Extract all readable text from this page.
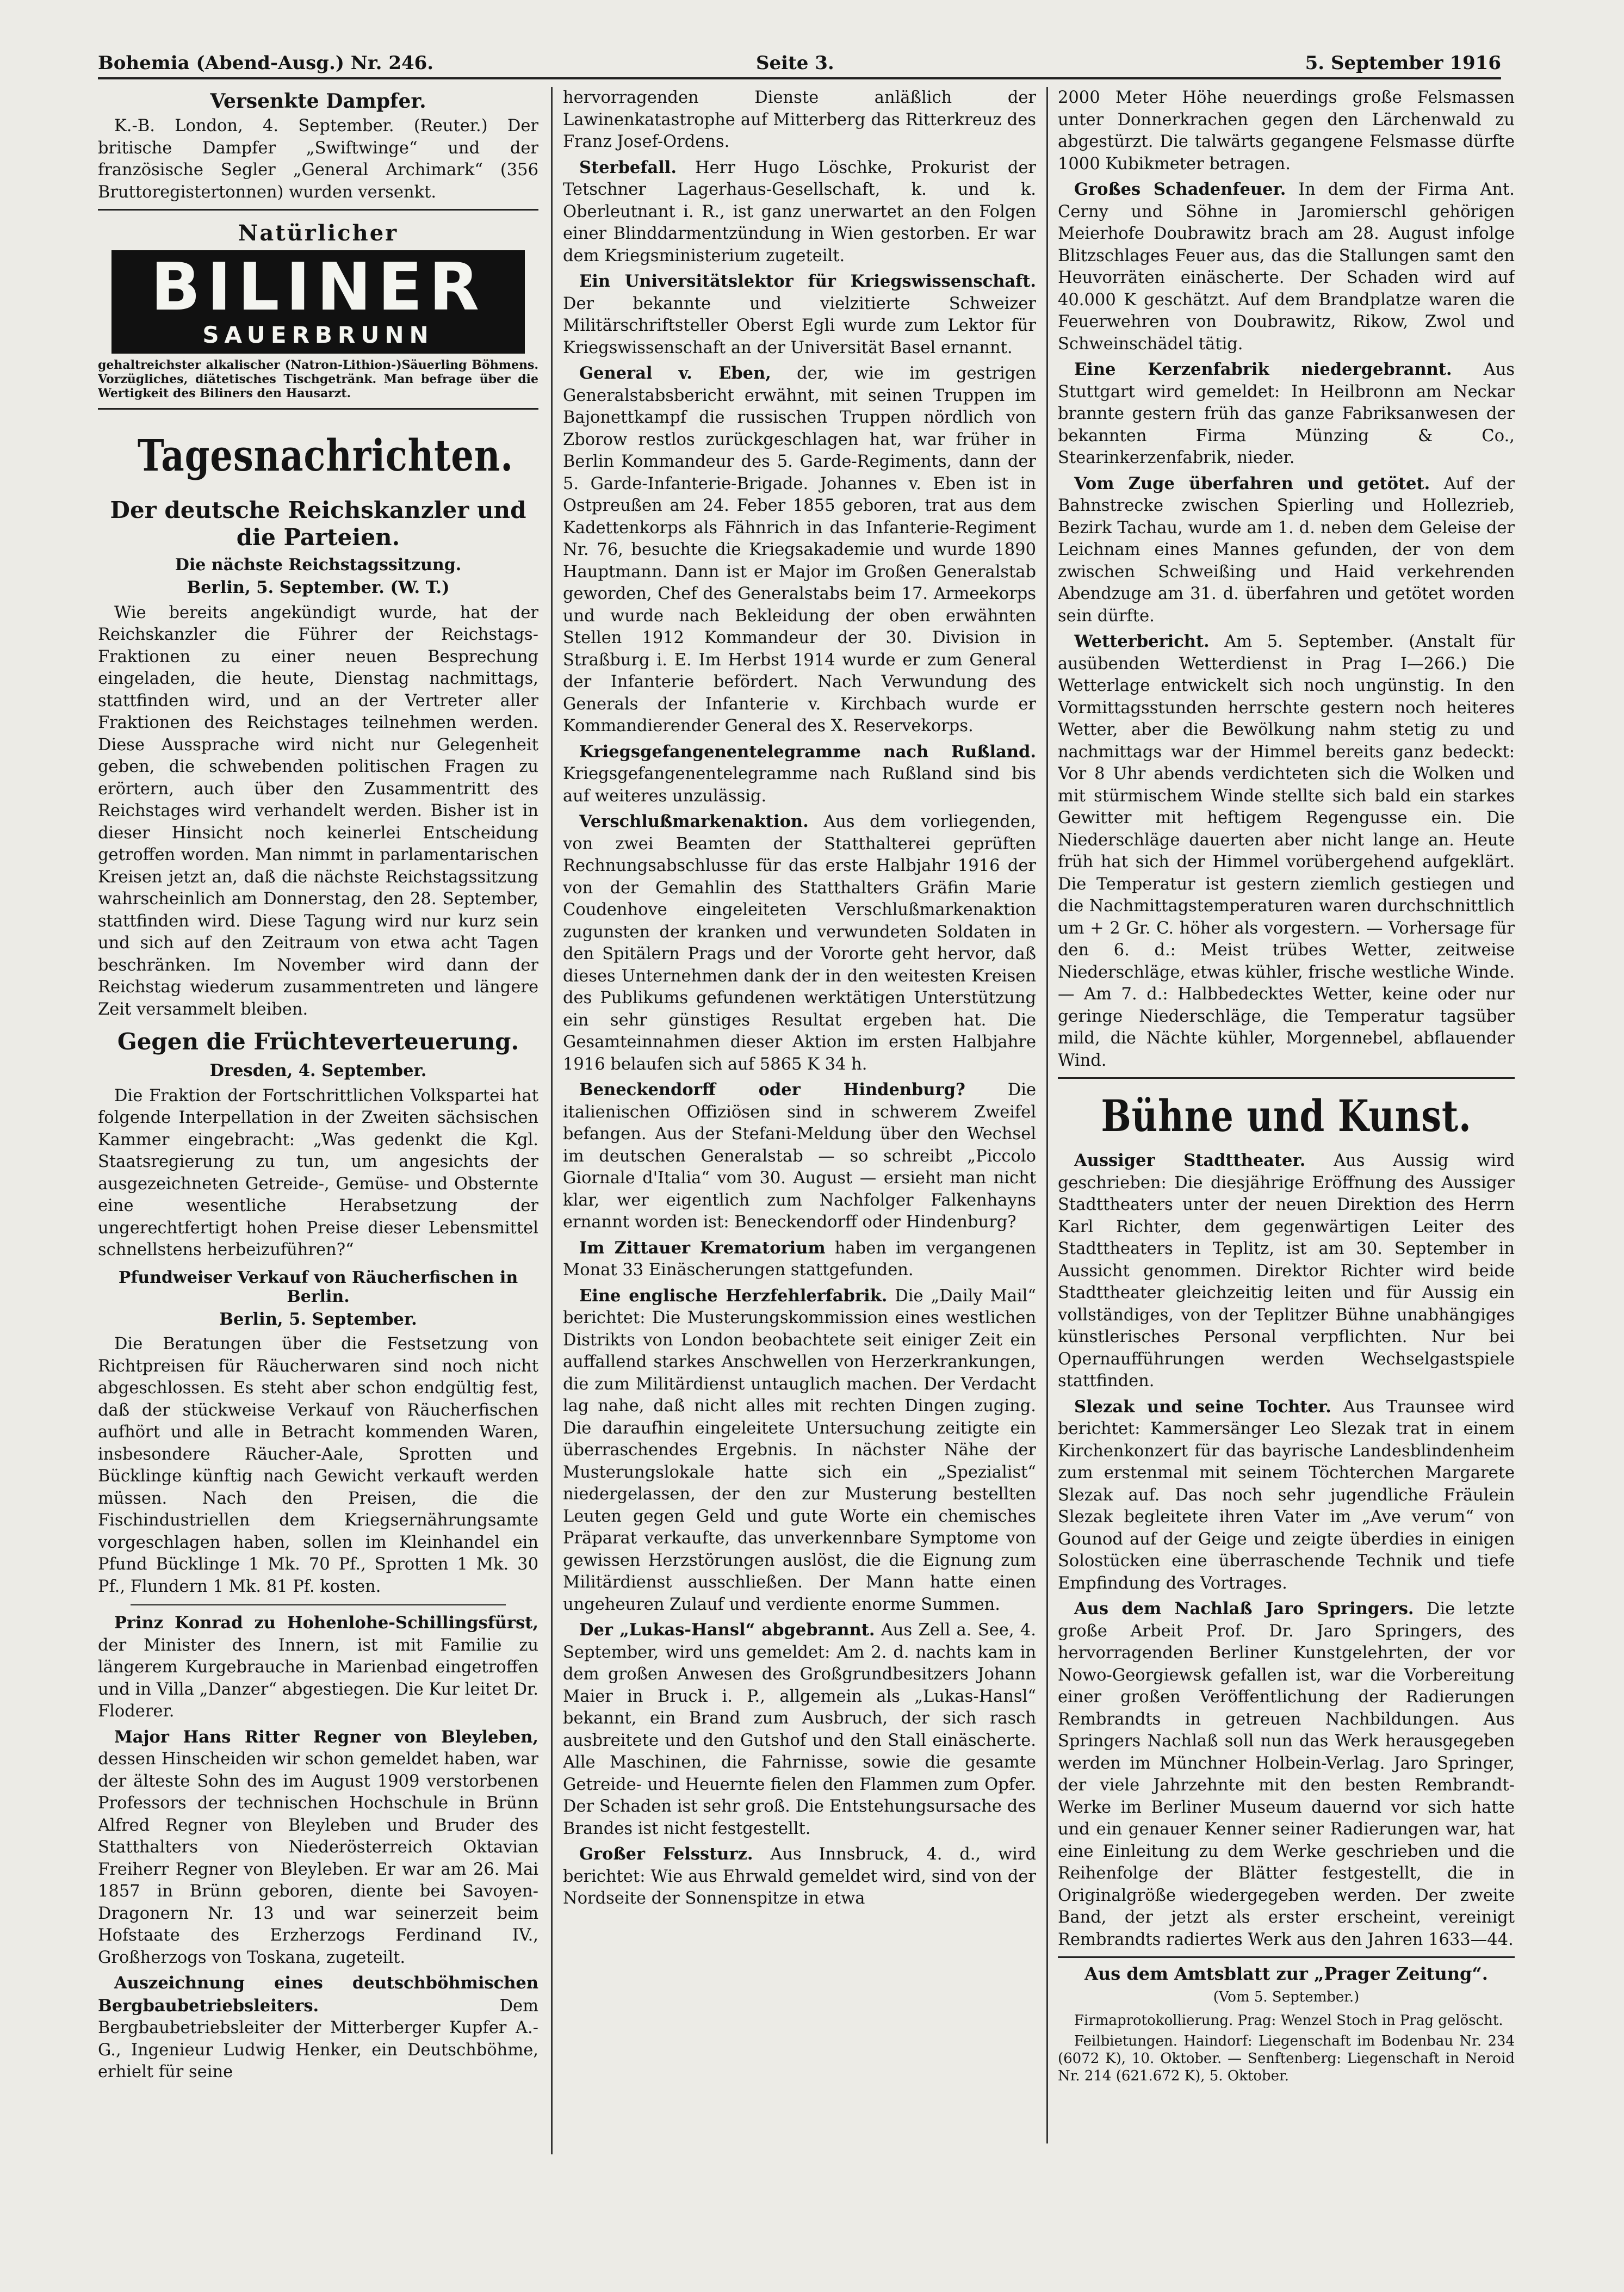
Bohemia (Abend-Ausg.) Nr. 246.	Seite 3.	5. September 1916
Versenkte Dampfer.

K.-B. London, 4. September. (Reuter.) Der britische Dampfer „Swiftwinge“ und der französische Segler „General Archimark“ (356 Bruttoregistertonnen) wurden versenkt.

Natürlicher
BILINER
SAUERBRUNN
gehaltreichster alkalischer (Natron-Lithion-)Säuerling Böhmens. Vorzügliches, diätetisches Tischgetränk. Man befrage über die Wertigkeit des Biliners den Hausarzt.
Tagesnachrichten.
Der deutsche Reichskanzler und die Parteien.
Die nächste Reichstagssitzung.

Berlin, 5. September. (W. T.)

Wie bereits angekündigt wurde, hat der Reichskanzler die Führer der Reichstags-Fraktionen zu einer neuen Besprechung eingeladen, die heute, Dienstag nachmittags, stattfinden wird, und an der Vertreter aller Fraktionen des Reichstages teilnehmen werden. Diese Aussprache wird nicht nur Gelegenheit geben, die schwebenden politischen Fragen zu erörtern, auch über den Zusammentritt des Reichstages wird verhandelt werden. Bisher ist in dieser Hinsicht noch keinerlei Entscheidung getroffen worden. Man nimmt in parlamentarischen Kreisen jetzt an, daß die nächste Reichstagssitzung wahrscheinlich am Donnerstag, den 28. September, stattfinden wird. Diese Tagung wird nur kurz sein und sich auf den Zeitraum von etwa acht Tagen beschränken. Im November wird dann der Reichstag wiederum zusammentreten und längere Zeit versammelt bleiben.

Gegen die Früchteverteuerung.

Dresden, 4. September.

Die Fraktion der Fortschrittlichen Volkspartei hat folgende Interpellation in der Zweiten sächsischen Kammer eingebracht: „Was gedenkt die Kgl. Staatsregierung zu tun, um angesichts der ausgezeichneten Getreide-, Gemüse- und Obsternte eine wesentliche Herabsetzung der ungerechtfertigt hohen Preise dieser Lebensmittel schnellstens herbeizuführen?“

Pfundweiser Verkauf von Räucherfischen in Berlin.

Berlin, 5. September.

Die Beratungen über die Festsetzung von Richtpreisen für Räucherwaren sind noch nicht abgeschlossen. Es steht aber schon endgültig fest, daß der stückweise Verkauf von Räucherfischen aufhört und alle in Betracht kommenden Waren, insbesondere Räucher-Aale, Sprotten und Bücklinge künftig nach Gewicht verkauft werden müssen. Nach den Preisen, die die Fischindustriellen dem Kriegsernährungsamte vorgeschlagen haben, sollen im Kleinhandel ein Pfund Bücklinge 1 Mk. 70 Pf., Sprotten 1 Mk. 30 Pf., Flundern 1 Mk. 81 Pf. kosten.

Prinz Konrad zu Hohenlohe-Schillingsfürst, der Minister des Innern, ist mit Familie zu längerem Kurgebrauche in Marienbad eingetroffen und in Villa „Danzer“ abgestiegen. Die Kur leitet Dr. Floderer.

Major Hans Ritter Regner von Bleyleben, dessen Hinscheiden wir schon gemeldet haben, war der älteste Sohn des im August 1909 verstorbenen Professors der technischen Hochschule in Brünn Alfred Regner von Bleyleben und Bruder des Statthalters von Niederösterreich Oktavian Freiherr Regner von Bleyleben. Er war am 26. Mai 1857 in Brünn geboren, diente bei Savoyen-Dragonern Nr. 13 und war seinerzeit beim Hofstaate des Erzherzogs Ferdinand IV., Großherzogs von Toskana, zugeteilt.

Auszeichnung eines deutschböhmischen Bergbaubetriebsleiters.	Dem Bergbaubetriebsleiter der Mitterberger Kupfer A.-G., Ingenieur Ludwig Henker, ein Deutschböhme, erhielt für seine

hervorragenden Dienste anläßlich der Lawinenkatastrophe auf Mitterberg das Ritterkreuz des Franz Josef-Ordens.

Sterbefall. Herr Hugo Löschke, Prokurist der Tetschner Lagerhaus-Gesellschaft, k. und k. Oberleutnant i. R., ist ganz unerwartet an den Folgen einer Blinddarmentzündung in Wien gestorben. Er war dem Kriegsministerium zugeteilt.

Ein Universitätslektor für Kriegswissenschaft. Der bekannte und vielzitierte Schweizer Militärschriftsteller Oberst Egli wurde zum Lektor für Kriegswissenschaft an der Universität Basel ernannt.

General v. Eben, der, wie im gestrigen Generalstabsbericht erwähnt, mit seinen Truppen im Bajonettkampf die russischen Truppen nördlich von Zborow restlos zurückgeschlagen hat, war früher in Berlin Kommandeur des 5. Garde-Regiments, dann der 5. Garde-Infanterie-Brigade. Johannes v. Eben ist in Ostpreußen am 24. Feber 1855 geboren, trat aus dem Kadettenkorps als Fähnrich in das Infanterie-Regiment Nr. 76, besuchte die Kriegsakademie und wurde 1890 Hauptmann. Dann ist er Major im Großen Generalstab geworden, Chef des Generalstabs beim 17. Armeekorps und wurde nach Bekleidung der oben erwähnten Stellen 1912 Kommandeur der 30. Division in Straßburg i. E. Im Herbst 1914 wurde er zum General der Infanterie befördert. Nach Verwundung des Generals der Infanterie v. Kirchbach wurde er Kommandierender General des X. Reservekorps.

Kriegsgefangenentelegramme nach Rußland. Kriegsgefangenentelegramme nach Rußland sind bis auf weiteres unzulässig.

Verschlußmarkenaktion. Aus dem vorliegenden, von zwei Beamten der Statthalterei geprüften Rechnungsabschlusse für das erste Halbjahr 1916 der von der Gemahlin des Statthalters Gräfin Marie Coudenhove eingeleiteten Verschlußmarkenaktion zugunsten der kranken und verwundeten Soldaten in den Spitälern Prags und der Vororte geht hervor, daß dieses Unternehmen dank der in den weitesten Kreisen des Publikums gefundenen werktätigen Unterstützung ein sehr günstiges Resultat ergeben hat. Die Gesamteinnahmen dieser Aktion im ersten Halbjahre 1916 belaufen sich auf 5865 K 34 h.

Beneckendorff oder Hindenburg?	Die italienischen Offiziösen sind in schwerem Zweifel befangen. Aus der Stefani-Meldung über den Wechsel im deutschen Generalstab — so schreibt „Piccolo Giornale d'Italia“ vom 30. August — ersieht man nicht klar, wer eigentlich zum Nachfolger Falkenhayns ernannt worden ist: Beneckendorff oder Hindenburg?

Im Zittauer Krematorium haben im vergangenen Monat 33 Einäscherungen stattgefunden.

Eine englische Herzfehlerfabrik. Die „Daily Mail“ berichtet: Die Musterungskommission eines westlichen Distrikts von London beobachtete seit einiger Zeit ein auffallend starkes Anschwellen von Herzerkrankungen, die zum Militärdienst untauglich machen. Der Verdacht lag nahe, daß nicht alles mit rechten Dingen zuging. Die daraufhin eingeleitete Untersuchung zeitigte ein überraschendes Ergebnis. In nächster Nähe der Musterungslokale hatte sich ein „Spezialist“ niedergelassen, der den zur Musterung bestellten Leuten gegen Geld und gute Worte ein chemisches Präparat verkaufte, das unverkennbare Symptome von gewissen Herzstörungen auslöst, die die Eignung zum Militärdienst ausschließen. Der Mann hatte einen ungeheuren Zulauf und verdiente enorme Summen.

Der „Lukas-Hansl“ abgebrannt. Aus Zell a. See, 4. September, wird uns gemeldet: Am 2. d. nachts kam in dem großen Anwesen des Großgrundbesitzers Johann Maier in Bruck i. P., allgemein als „Lukas-Hansl“ bekannt, ein Brand zum Ausbruch, der sich rasch ausbreitete und den Gutshof und den Stall einäscherte. Alle Maschinen, die Fahrnisse, sowie die gesamte Getreide- und Heuernte fielen den Flammen zum Opfer. Der Schaden ist sehr groß. Die Entstehungsursache des Brandes ist nicht festgestellt.

Großer Felssturz. Aus Innsbruck, 4. d., wird berichtet: Wie aus Ehrwald gemeldet wird, sind von der Nordseite der Sonnenspitze in etwa

2000 Meter Höhe neuerdings große Felsmassen unter Donnerkrachen gegen den Lärchenwald zu abgestürzt. Die talwärts gegangene Felsmasse dürfte 1000 Kubikmeter betragen.

Großes Schadenfeuer. In dem der Firma Ant. Cerny und Söhne in Jaromierschl gehörigen Meierhofe Doubrawitz brach am 28. August infolge Blitzschlages Feuer aus, das die Stallungen samt den Heuvorräten einäscherte. Der Schaden wird auf 40.000 K geschätzt. Auf dem Brandplatze waren die Feuerwehren von Doubrawitz, Rikow, Zwol und Schweinschädel tätig.

Eine Kerzenfabrik niedergebrannt. Aus Stuttgart wird gemeldet: In Heilbronn am Neckar brannte gestern früh das ganze Fabriksanwesen der bekannten Firma Münzing & Co., Stearinkerzenfabrik, nieder.

Vom Zuge überfahren und getötet. Auf der Bahnstrecke zwischen Spierling und Hollezrieb, Bezirk Tachau, wurde am 1. d. neben dem Geleise der Leichnam eines Mannes gefunden, der von dem zwischen Schweißing und Haid verkehrenden Abendzuge am 31. d. überfahren und getötet worden sein dürfte.

Wetterbericht. Am 5. September. (Anstalt für ausübenden Wetterdienst in Prag I—266.) Die Wetterlage entwickelt sich noch ungünstig. In den Vormittagsstunden herrschte gestern noch heiteres Wetter, aber die Bewölkung nahm stetig zu und nachmittags war der Himmel bereits ganz bedeckt: Vor 8 Uhr abends verdichteten sich die Wolken und mit stürmischem Winde stellte sich bald ein starkes Gewitter mit heftigem Regengusse ein. Die Niederschläge dauerten aber nicht lange an. Heute früh hat sich der Himmel vorübergehend aufgeklärt. Die Temperatur ist gestern ziemlich gestiegen und die Nachmittagstemperaturen waren durchschnittlich um + 2 Gr. C. höher als vorgestern. — Vorhersage für den 6. d.: Meist trübes Wetter, zeitweise Niederschläge, etwas kühler, frische westliche Winde. — Am 7. d.: Halbbedecktes Wetter, keine oder nur geringe Niederschläge, die Temperatur tagsüber mild, die Nächte kühler, Morgennebel, abflauender Wind.

Bühne und Kunst.

Aussiger Stadttheater. Aus Aussig wird geschrieben: Die diesjährige Eröffnung des Aussiger Stadttheaters unter der neuen Direktion des Herrn Karl Richter, dem gegenwärtigen Leiter des Stadttheaters in Teplitz, ist am 30. September in Aussicht genommen. Direktor Richter wird beide Stadttheater gleichzeitig leiten und für Aussig ein vollständiges, von der Teplitzer Bühne unabhängiges künstlerisches Personal verpflichten. Nur bei Opernaufführungen werden Wechselgastspiele stattfinden.

Slezak und seine Tochter. Aus Traunsee wird berichtet: Kammersänger Leo Slezak trat in einem Kirchenkonzert für das bayrische Landesblindenheim zum erstenmal mit seinem Töchterchen Margarete Slezak auf. Das noch sehr jugendliche Fräulein Slezak begleitete ihren Vater im „Ave verum“ von Gounod auf der Geige und zeigte überdies in einigen Solostücken eine überraschende Technik und tiefe Empfindung des Vortrages.

Aus dem Nachlaß Jaro Springers. Die letzte große Arbeit Prof. Dr. Jaro Springers, des hervorragenden Berliner Kunstgelehrten, der vor Nowo-Georgiewsk gefallen ist, war die Vorbereitung einer großen Veröffentlichung der Radierungen Rembrandts in getreuen Nachbildungen. Aus Springers Nachlaß soll nun das Werk herausgegeben werden im Münchner Holbein-Verlag. Jaro Springer, der viele Jahrzehnte mit den besten Rembrandt-Werke im Berliner Museum dauernd vor sich hatte und ein genauer Kenner seiner Radierungen war, hat eine Einleitung zu dem Werke geschrieben und die Reihenfolge der Blätter festgestellt, die in Originalgröße wiedergegeben werden. Der zweite Band, der jetzt als erster erscheint, vereinigt Rembrandts radiertes Werk aus den Jahren 1633—44.

Aus dem Amtsblatt zur „Prager Zeitung“.

(Vom 5. September.)

Firmaprotokollierung. Prag: Wenzel Stoch in Prag gelöscht.

Feilbietungen. Haindorf: Liegenschaft im Bodenbau Nr. 234 (6072 K), 10. Oktober. — Senftenberg: Liegenschaft in Neroid Nr. 214 (621.672 K), 5. Oktober.
